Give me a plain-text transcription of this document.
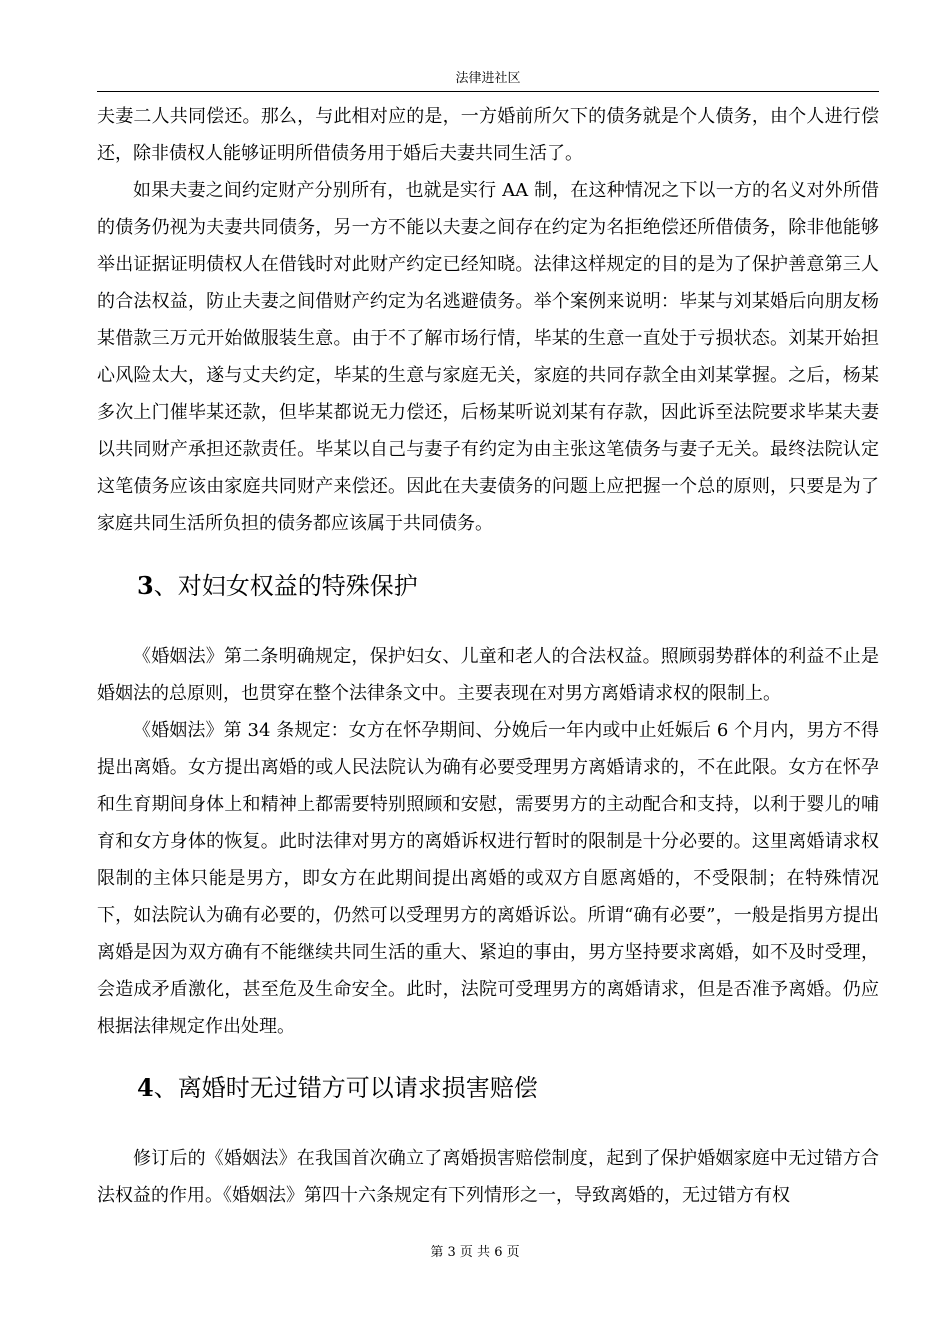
法律进社区

夫妻二人共同偿还。那么，与此相对应的是，一方婚前所欠下的债务就是个人债务，由个人进行偿还，除非债权人能够证明所借债务用于婚后夫妻共同生活了。

如果夫妻之间约定财产分别所有，也就是实行 AA 制，在这种情况之下以一方的名义对外所借的债务仍视为夫妻共同债务，另一方不能以夫妻之间存在约定为名拒绝偿还所借债务，除非他能够举出证据证明债权人在借钱时对此财产约定已经知晓。法律这样规定的目的是为了保护善意第三人的合法权益，防止夫妻之间借财产约定为名逃避债务。举个案例来说明：毕某与刘某婚后向朋友杨某借款三万元开始做服装生意。由于不了解市场行情，毕某的生意一直处于亏损状态。刘某开始担心风险太大，遂与丈夫约定，毕某的生意与家庭无关，家庭的共同存款全由刘某掌握。之后，杨某多次上门催毕某还款，但毕某都说无力偿还，后杨某听说刘某有存款，因此诉至法院要求毕某夫妻以共同财产承担还款责任。毕某以自己与妻子有约定为由主张这笔债务与妻子无关。最终法院认定这笔债务应该由家庭共同财产来偿还。因此在夫妻债务的问题上应把握一个总的原则，只要是为了家庭共同生活所负担的债务都应该属于共同债务。

3、对妇女权益的特殊保护

《婚姻法》第二条明确规定，保护妇女、儿童和老人的合法权益。照顾弱势群体的利益不止是婚姻法的总原则，也贯穿在整个法律条文中。主要表现在对男方离婚请求权的限制上。

《婚姻法》第 34 条规定：女方在怀孕期间、分娩后一年内或中止妊娠后 6 个月内，男方不得提出离婚。女方提出离婚的或人民法院认为确有必要受理男方离婚请求的，不在此限。女方在怀孕和生育期间身体上和精神上都需要特别照顾和安慰，需要男方的主动配合和支持，以利于婴儿的哺育和女方身体的恢复。此时法律对男方的离婚诉权进行暂时的限制是十分必要的。这里离婚请求权限制的主体只能是男方，即女方在此期间提出离婚的或双方自愿离婚的，不受限制；在特殊情况下，如法院认为确有必要的，仍然可以受理男方的离婚诉讼。所谓“确有必要”，一般是指男方提出离婚是因为双方确有不能继续共同生活的重大、紧迫的事由，男方坚持要求离婚，如不及时受理，会造成矛盾激化，甚至危及生命安全。此时，法院可受理男方的离婚请求，但是否准予离婚。仍应根据法律规定作出处理。

4、离婚时无过错方可以请求损害赔偿

修订后的《婚姻法》在我国首次确立了离婚损害赔偿制度，起到了保护婚姻家庭中无过错方合法权益的作用。《婚姻法》第四十六条规定有下列情形之一，导致离婚的，无过错方有权

第 3 页 共 6 页
